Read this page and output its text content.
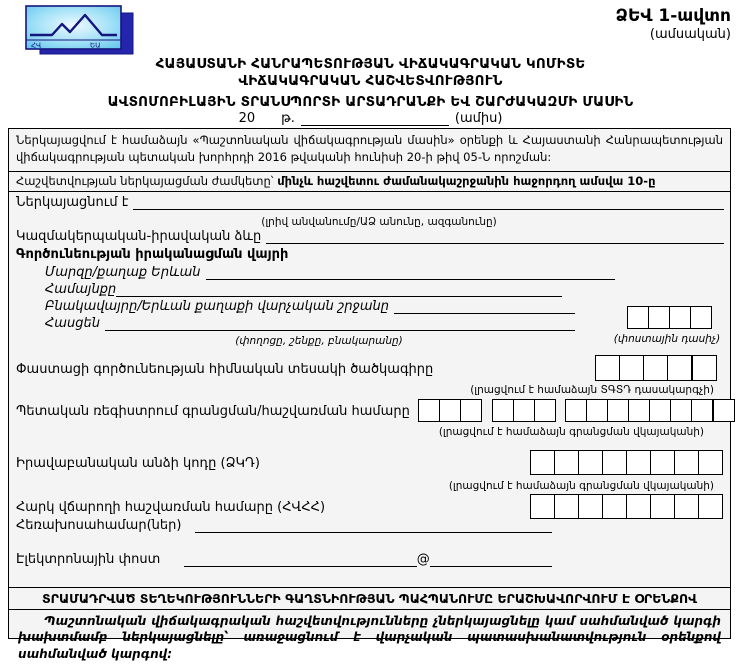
ՀՎ	ԵԱ
ՁԵՎ 1-ավտո
(ամսական)
ՀԱՅԱՍՏԱՆԻ ՀԱՆՐԱՊԵՏՈՒԹՅԱՆ ՎԻՃԱԿԱԳՐԱԿԱՆ ԿՈՄԻՏԵ
ՎԻՃԱԿԱԳՐԱԿԱՆ ՀԱՇՎԵՏՎՈՒԹՅՈՒՆ
ԱՎՏՈՄՈԲԻԼԱՅԻՆ ՏՐԱՆՍՊՈՐՏԻ ԱՐՏԱԴՐԱՆՔԻ ԵՎ ՇԱՐԺԱԿԱԶՄԻ ՄԱՍԻՆ
20 թ.	(ամիս)
Ներկայացվում է համաձայն «Պաշտոնական վիճակագրության մասին» օրենքի և Հայաստանի Հանրապետության վիճակագրության պետական խորհրդի 2016 թվականի հունիսի 20-ի թիվ 05-Ն որոշման:
Հաշվետվության ներկայացման ժամկետը՝ մինչև հաշվետու ժամանակաշրջանին հաջորդող ամսվա 10-ը
Ներկայացնում է
(լրիվ անվանումը/ԱՁ անունը, ազգանունը)
Կազմակերպական-իրավական ձևը
Գործունեության իրականացման վայրի
Մարզը/քաղաք Երևան
Համայնքը
Բնակավայրը/Երևան քաղաքի վարչական շրջանը
Հասցեն
(փողոցը, շենքը, բնակարանը)	(փոստային դասիչ)
Փաստացի գործունեության հիմնական տեսակի ծածկագիրը
(լրացվում է համաձայն ՏԳՏԴ դասակարգչի)
Պետական ռեգիստրում գրանցման/հաշվառման համարը
(լրացվում է համաձայն գրանցման վկայականի)
Իրավաբանական անձի կոդը (ՁԿԴ)
(լրացվում է համաձայն գրանցման վկայականի)
Հարկ վճարողի հաշվառման համարը (ՀՎՀՀ)
Հեռախոսահամար(ներ)
Էլեկտրոնային փոստ	@
ՏՐԱՄԱԴՐՎԱԾ ՏԵՂԵԿՈՒԹՅՈՒՆՆԵՐԻ ԳԱՂՏՆԻՈՒԹՅԱՆ ՊԱՀՊԱՆՈՒՄԸ ԵՐԱՇԽԱՎՈՐՎՈՒՄ Է ՕՐԵՆՔՈՎ
Պաշտոնական վիճակագրական հաշվետվությունները չներկայացնելը կամ սահմանված կարգի խախտմամբ ներկայացնելը՝ առաջացնում է վարչական պատասխանատվություն օրենքով սահմանված կարգով:
